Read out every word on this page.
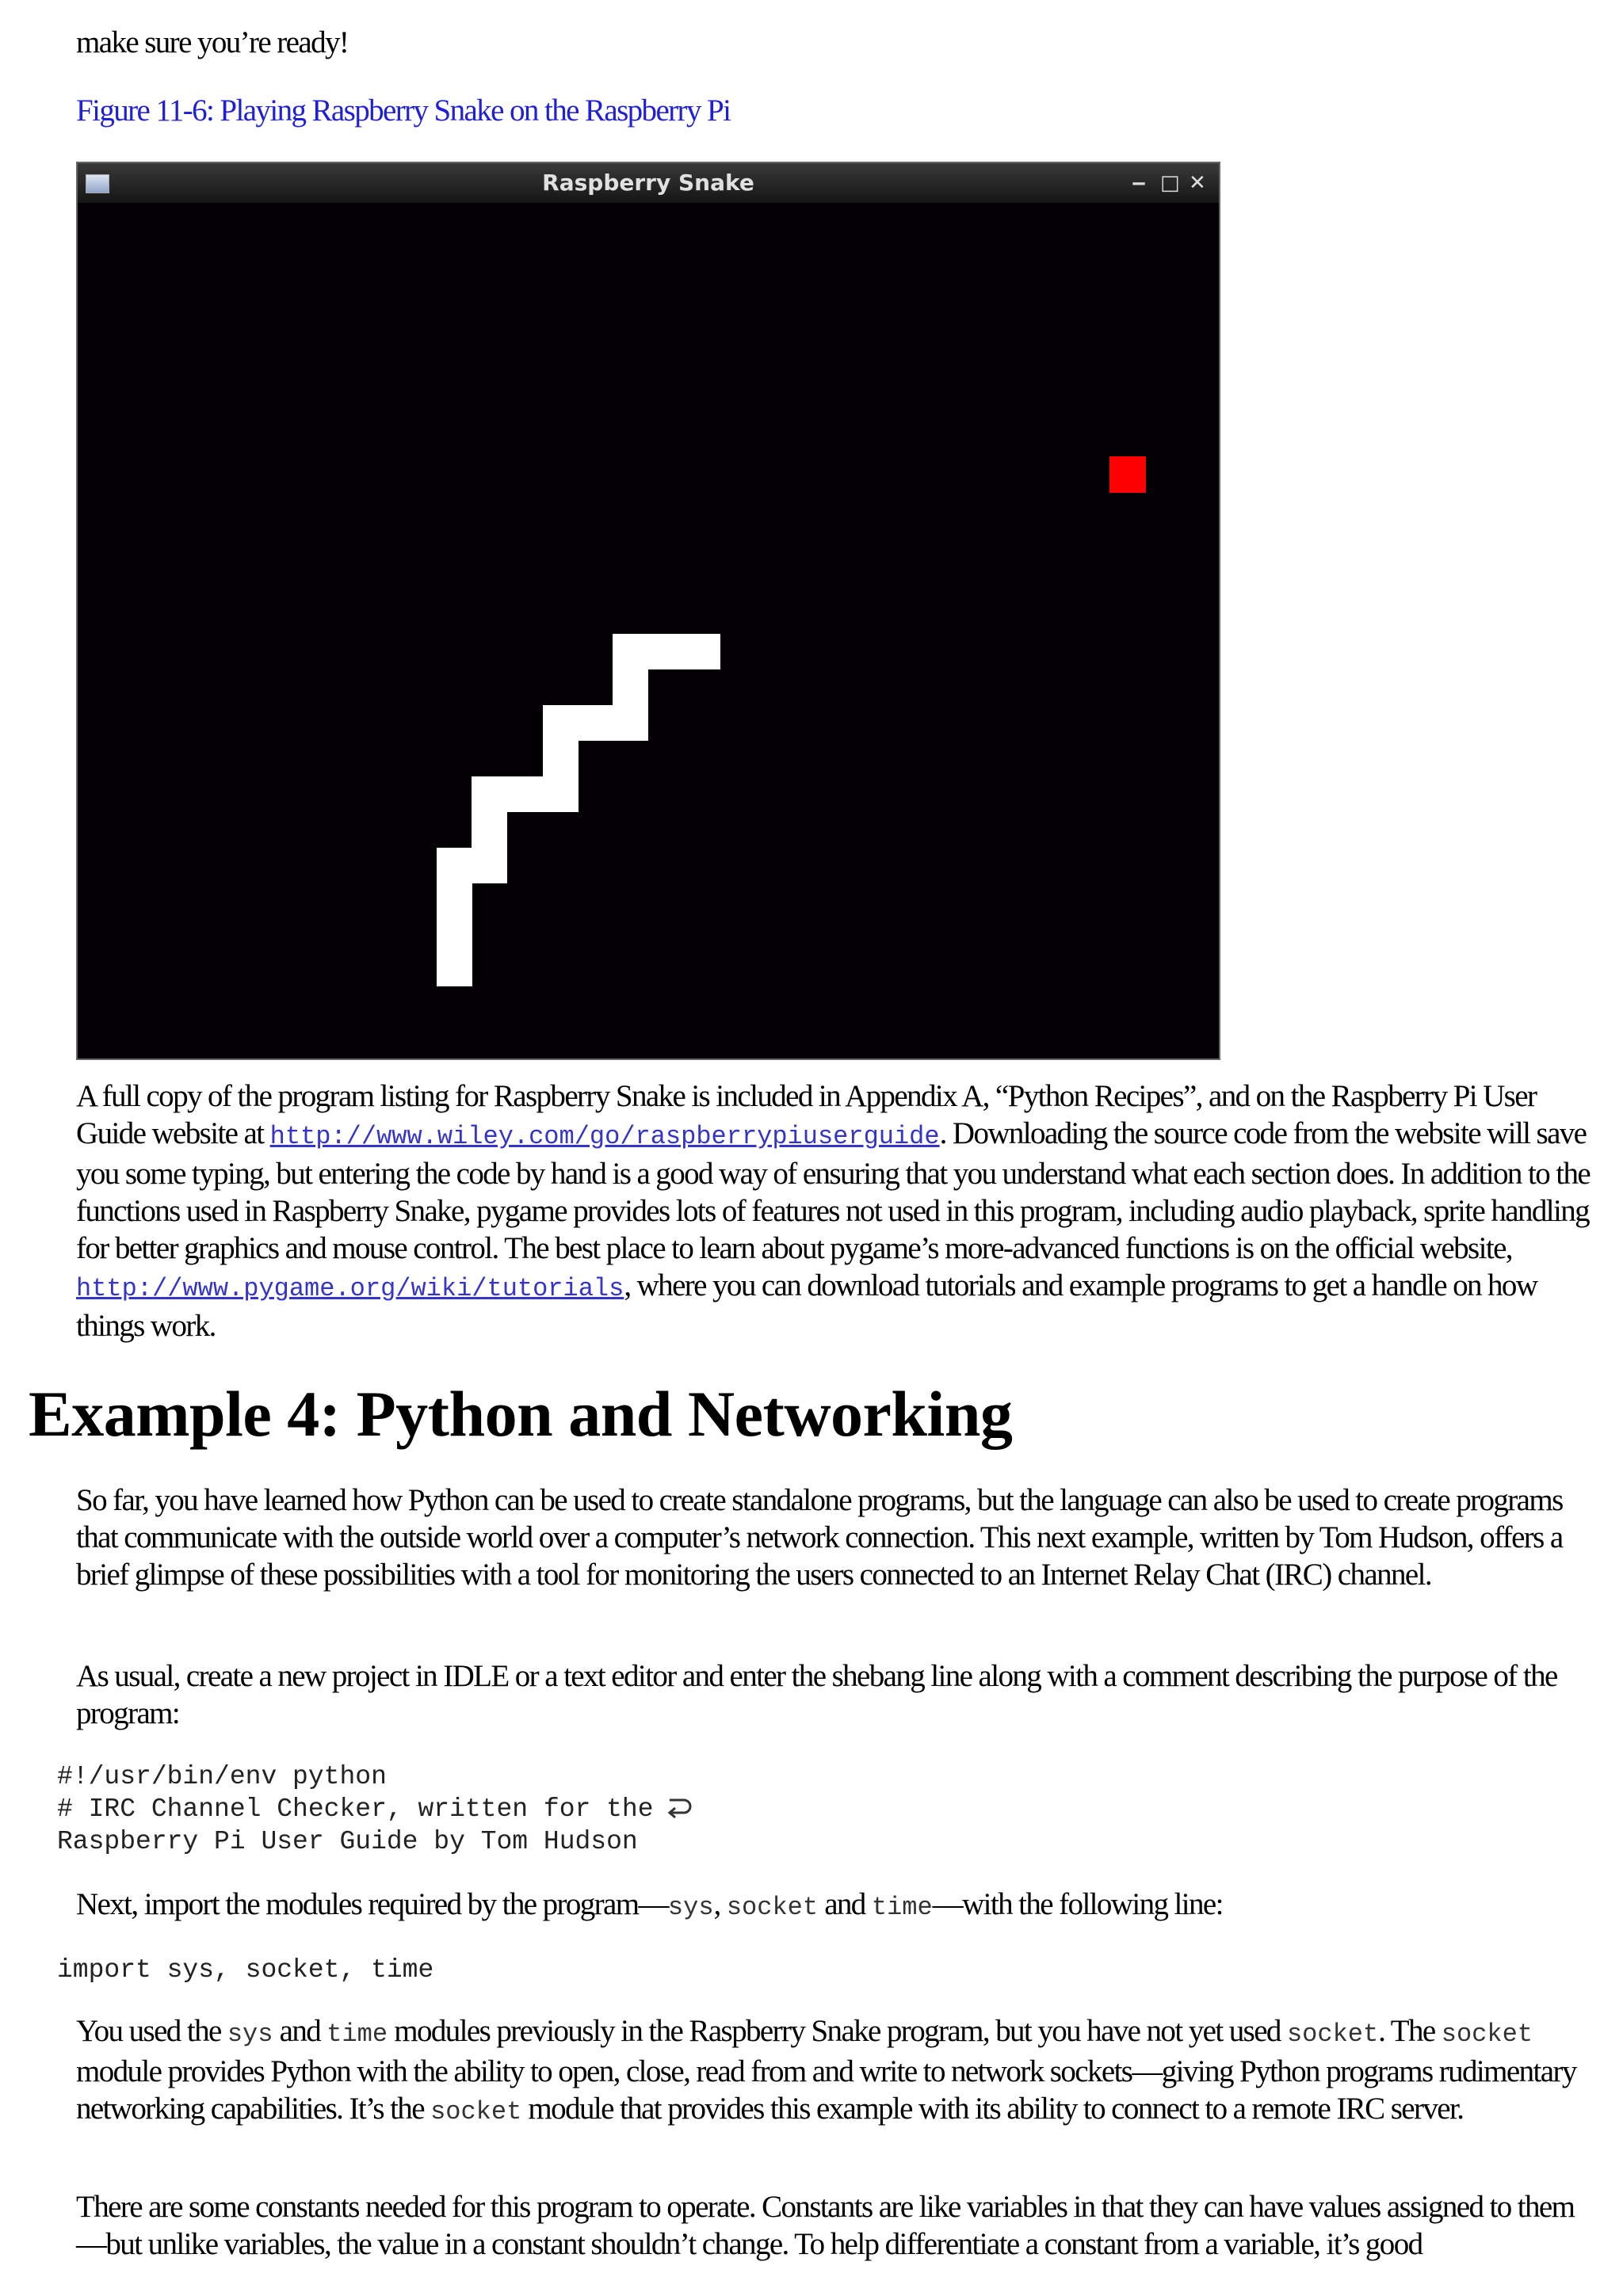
make sure you’re ready!

Figure 11-6: Playing Raspberry Snake on the Raspberry Pi

Raspberry Snake	‒ □ ✕

A full copy of the program listing for Raspberry Snake is included in Appendix A, “Python Recipes”, and on the Raspberry Pi User Guide website at http://www.wiley.com/go/raspberrypiuserguide. Downloading the source code from the website will save you some typing, but entering the code by hand is a good way of ensuring that you understand what each section does. In addition to the functions used in Raspberry Snake, pygame provides lots of features not used in this program, including audio playback, sprite handling for better graphics and mouse control. The best place to learn about pygame’s more-advanced functions is on the official website, http://www.pygame.org/wiki/tutorials, where you can download tutorials and example programs to get a handle on how things work.

Example 4: Python and Networking

So far, you have learned how Python can be used to create standalone programs, but the language can also be used to create programs that communicate with the outside world over a computer’s network connection. This next example, written by Tom Hudson, offers a brief glimpse of these possibilities with a tool for monitoring the users connected to an Internet Relay Chat (IRC) channel.

As usual, create a new project in IDLE or a text editor and enter the shebang line along with a comment describing the purpose of the program:

#!/usr/bin/env python
# IRC Channel Checker, written for the
Raspberry Pi User Guide by Tom Hudson

Next, import the modules required by the program—sys, socket and time—with the following line:

import sys, socket, time

You used the sys and time modules previously in the Raspberry Snake program, but you have not yet used socket. The socket module provides Python with the ability to open, close, read from and write to network sockets—giving Python programs rudimentary networking capabilities. It’s the socket module that provides this example with its ability to connect to a remote IRC server.

There are some constants needed for this program to operate. Constants are like variables in that they can have values assigned to them—but unlike variables, the value in a constant shouldn’t change. To help differentiate a constant from a variable, it’s good
